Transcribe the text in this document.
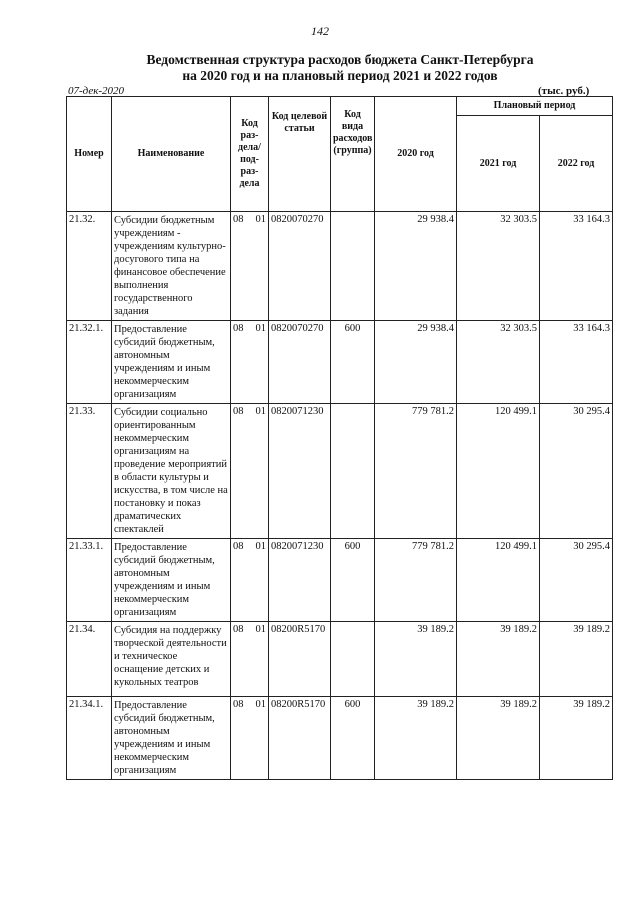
142
Ведомственная структура расходов бюджета Санкт-Петербурга
на 2020 год и на плановый период 2021 и 2022 годов
07-дек-2020	(тыс. руб.)
Номер	Наименование	Код раз-дела/ под-раз-дела	Код целевой статьи	Код вида расходов (группа)	2020 год	Плановый период	
						2021 год	2022 год
21.32.	Субсидии бюджетным учреждениям - учреждениям культурно-досугового типа на финансовое обеспечение выполнения государственного задания	08 01	0820070270		29 938.4	32 303.5	33 164.3
21.32.1.	Предоставление субсидий бюджетным, автономным учреждениям и иным некоммерческим организациям	08 01	0820070270	600	29 938.4	32 303.5	33 164.3
21.33.	Субсидии социально ориентированным некоммерческим организациям на проведение мероприятий в области культуры и искусства, в том числе на постановку и показ драматических спектаклей	08 01	0820071230		779 781.2	120 499.1	30 295.4
21.33.1.	Предоставление субсидий бюджетным, автономным учреждениям и иным некоммерческим организациям	08 01	0820071230	600	779 781.2	120 499.1	30 295.4
21.34.	Субсидия на поддержку творческой деятельности и техническое оснащение детских и кукольных театров	08 01	08200R5170		39 189.2	39 189.2	39 189.2
21.34.1.	Предоставление субсидий бюджетным, автономным учреждениям и иным некоммерческим организациям	08 01	08200R5170	600	39 189.2	39 189.2	39 189.2
